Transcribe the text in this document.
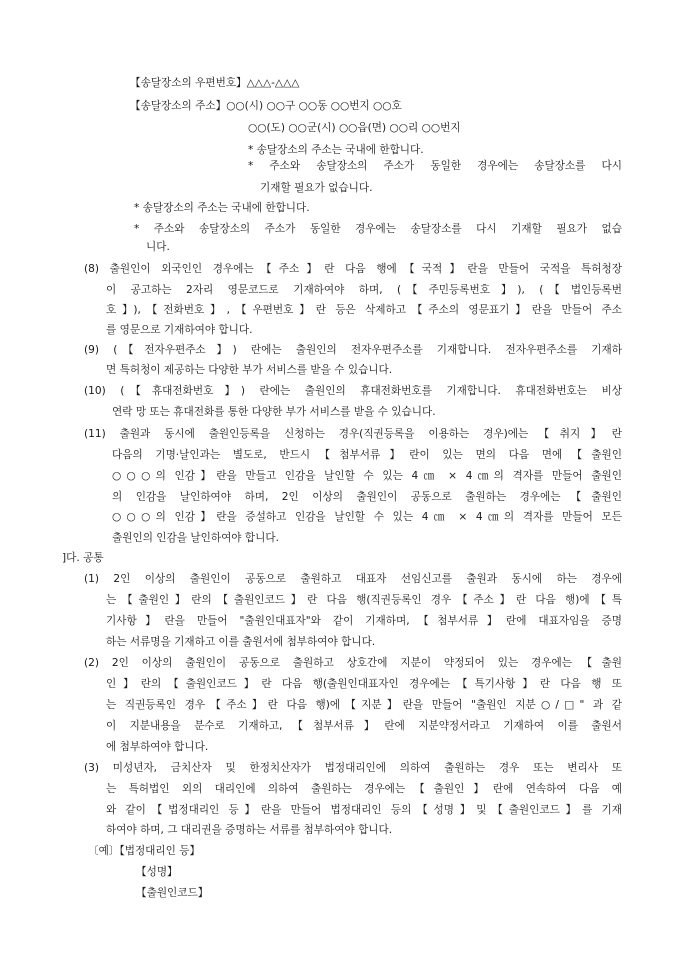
【송달장소의 우편번호】△△△-△△△
【송달장소의 주소】○○(시) ○○구 ○○동 ○○번지 ○○호
○○(도) ○○군(시) ○○읍(면) ○○리 ○○번지
* 송달장소의 주소는 국내에 한합니다.
* 주소와 송달장소의 주소가 동일한 경우에는 송달장소를 다시
기재할 필요가 없습니다.
* 송달장소의 주소는 국내에 한합니다.
* 주소와 송달장소의 주소가 동일한 경우에는 송달장소를 다시 기재할 필요가 없습
니다.
(8) 출원인이 외국인인 경우에는【주소】란 다음 행에【국적】란을 만들어 국적을 특허청장
이 공고하는 2자리 영문코드로 기재하여야 하며, (【주민등록번호】), (【법인등록번
호】),【전화번호】,【우편번호】란 등은 삭제하고【주소의 영문표기】란을 만들어 주소
를 영문으로 기재하여야 합니다.
(9) (【전자우편주소】) 란에는 출원인의 전자우편주소를 기재합니다. 전자우편주소를 기재하
면 특허청이 제공하는 다양한 부가 서비스를 받을 수 있습니다.
(10) (【휴대전화번호】) 란에는 출원인의 휴대전화번호를 기재합니다. 휴대전화번호는 비상
연락 망 또는 휴대전화를 통한 다양한 부가 서비스를 받을 수 있습니다.
(11) 출원과 동시에 출원인등록을 신청하는 경우(직권등록을 이용하는 경우)에는【취지】란
다음의 기명·날인과는 별도로, 반드시【첨부서류】란이 있는 면의 다음 면에【출원인
○○○의 인감】란을 만들고 인감을 날인할 수 있는 4㎝ × 4㎝의 격자를 만들어 출원인
의 인감을 날인하여야 하며, 2인 이상의 출원인이 공동으로 출원하는 경우에는【출원인
○○○의 인감】란을 증설하고 인감을 날인할 수 있는 4㎝ × 4㎝의 격자를 만들어 모든
출원인의 인감을 날인하여야 합니다.
]다. 공통
(1) 2인 이상의 출원인이 공동으로 출원하고 대표자 선임신고를 출원과 동시에 하는 경우에
는【출원인】란의【출원인코드】란 다음 행(직권등록인 경우【주소】란 다음 행)에【특
기사항】란을 만들어 "출원인대표자"와 같이 기재하며,【첨부서류】란에 대표자임을 증명
하는 서류명을 기재하고 이를 출원서에 첨부하여야 합니다.
(2) 2인 이상의 출원인이 공동으로 출원하고 상호간에 지분이 약정되어 있는 경우에는【출원
인】란의【출원인코드】란 다음 행(출원인대표자인 경우에는【특기사항】란 다음 행 또
는 직권등록인 경우【주소】란 다음 행)에【지분】란을 만들어 "출원인 지분○/□" 과 같
이 지분내용을 분수로 기재하고,【첨부서류】란에 지분약정서라고 기재하여 이를 출원서
에 첨부하여야 합니다.
(3) 미성년자, 금치산자 및 한정치산자가 법정대리인에 의하여 출원하는 경우 또는 변리사 또
는 특허법인 외의 대리인에 의하여 출원하는 경우에는【출원인】란에 연속하여 다음 예
와 같이【법정대리인 등】란을 만들어 법정대리인 등의【성명】및【출원인코드】를 기재
하여야 하며, 그 대리권을 증명하는 서류를 첨부하여야 합니다.
〔예〕【법정대리인 등】
【성명】
【출원인코드】
